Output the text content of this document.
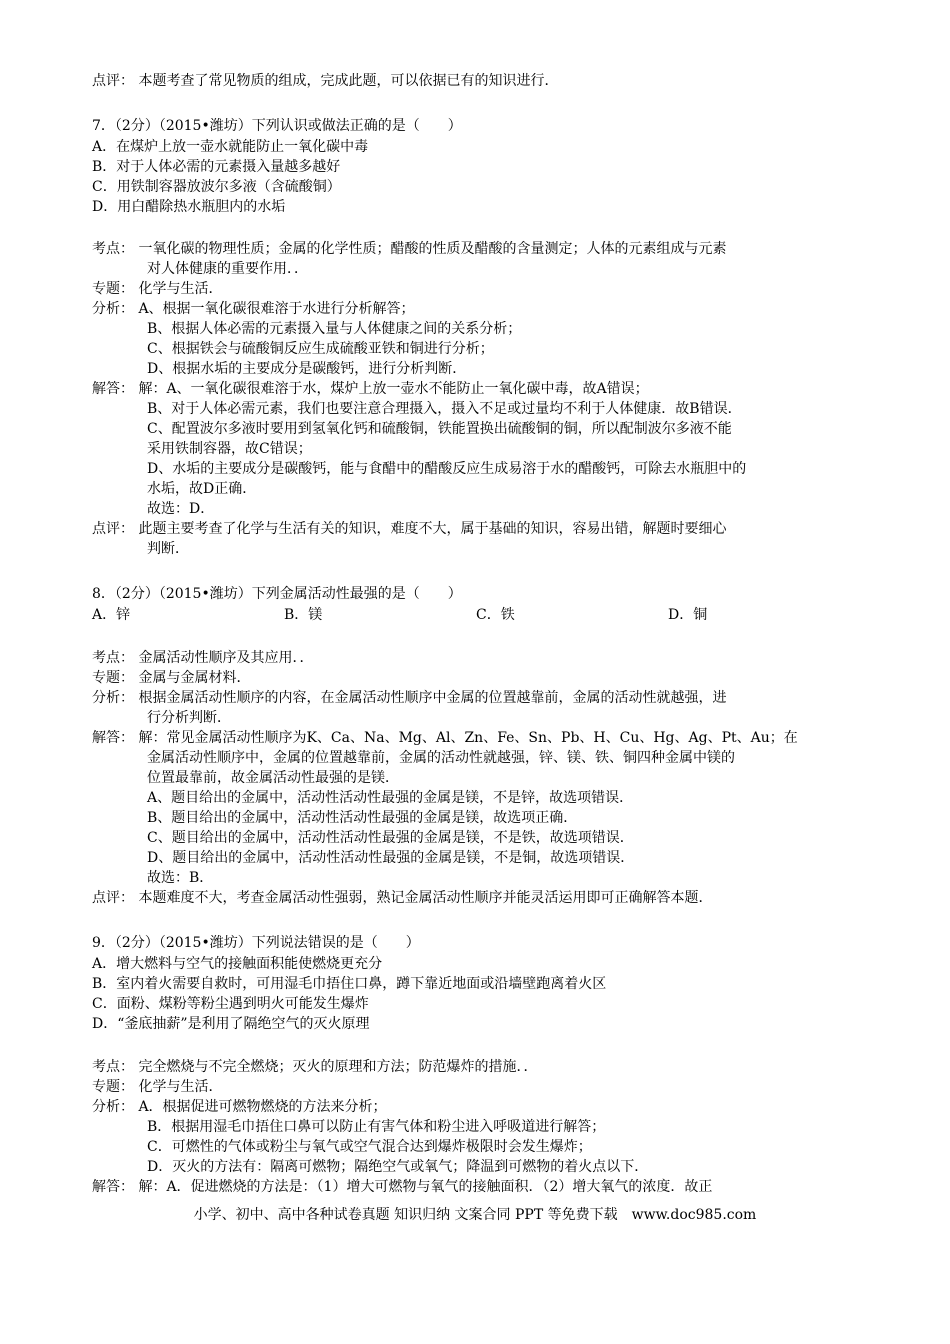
点评： 本题考查了常见物质的组成，完成此题，可以依据已有的知识进行．
7．（2分）（2015•潍坊）下列认识或做法正确的是（　　）
A．在煤炉上放一壶水就能防止一氧化碳中毒
B．对于人体必需的元素摄入量越多越好
C．用铁制容器放波尔多液（含硫酸铜）
D．用白醋除热水瓶胆内的水垢
考点： 一氧化碳的物理性质；金属的化学性质；醋酸的性质及醋酸的含量测定；人体的元素组成与元素
对人体健康的重要作用．．
专题： 化学与生活．
分析： A、根据一氧化碳很难溶于水进行分析解答；
B、根据人体必需的元素摄入量与人体健康之间的关系分析；
C、根据铁会与硫酸铜反应生成硫酸亚铁和铜进行分析；
D、根据水垢的主要成分是碳酸钙，进行分析判断．
解答： 解：A、一氧化碳很难溶于水，煤炉上放一壶水不能防止一氧化碳中毒，故A错误；
B、对于人体必需元素，我们也要注意合理摄入，摄入不足或过量均不利于人体健康．故B错误．
C、配置波尔多液时要用到氢氧化钙和硫酸铜，铁能置换出硫酸铜的铜，所以配制波尔多液不能
采用铁制容器，故C错误；
D、水垢的主要成分是碳酸钙，能与食醋中的醋酸反应生成易溶于水的醋酸钙，可除去水瓶胆中的
水垢，故D正确．
故选：D．
点评： 此题主要考查了化学与生活有关的知识，难度不大，属于基础的知识，容易出错，解题时要细心
判断．
8．（2分）（2015•潍坊）下列金属活动性最强的是（　　）
A．锌	B．镁	C．铁	D．铜
考点： 金属活动性顺序及其应用．．
专题： 金属与金属材料．
分析： 根据金属活动性顺序的内容，在金属活动性顺序中金属的位置越靠前，金属的活动性就越强，进
行分析判断．
解答： 解：常见金属活动性顺序为K、Ca、Na、Mg、Al、Zn、Fe、Sn、Pb、H、Cu、Hg、Ag、Pt、Au；在
金属活动性顺序中，金属的位置越靠前，金属的活动性就越强，锌、镁、铁、铜四种金属中镁的
位置最靠前，故金属活动性最强的是镁．
A、题目给出的金属中，活动性活动性最强的金属是镁，不是锌，故选项错误．
B、题目给出的金属中，活动性活动性最强的金属是镁，故选项正确．
C、题目给出的金属中，活动性活动性最强的金属是镁，不是铁，故选项错误．
D、题目给出的金属中，活动性活动性最强的金属是镁，不是铜，故选项错误．
故选：B．
点评： 本题难度不大，考查金属活动性强弱，熟记金属活动性顺序并能灵活运用即可正确解答本题．
9．（2分）（2015•潍坊）下列说法错误的是（　　）
A．增大燃料与空气的接触面积能使燃烧更充分
B．室内着火需要自救时，可用湿毛巾捂住口鼻，蹲下靠近地面或沿墙壁跑离着火区
C．面粉、煤粉等粉尘遇到明火可能发生爆炸
D．“釜底抽薪”是利用了隔绝空气的灭火原理
考点： 完全燃烧与不完全燃烧；灭火的原理和方法；防范爆炸的措施．．
专题： 化学与生活．
分析： A．根据促进可燃物燃烧的方法来分析；
B．根据用湿毛巾捂住口鼻可以防止有害气体和粉尘进入呼吸道进行解答；
C．可燃性的气体或粉尘与氧气或空气混合达到爆炸极限时会发生爆炸；
D．灭火的方法有：隔离可燃物；隔绝空气或氧气；降温到可燃物的着火点以下．
解答： 解：A．促进燃烧的方法是：（1）增大可燃物与氧气的接触面积．（2）增大氧气的浓度．故正
小学、初中、高中各种试卷真题 知识归纳 文案合同 PPT 等免费下载　www.doc985.com
